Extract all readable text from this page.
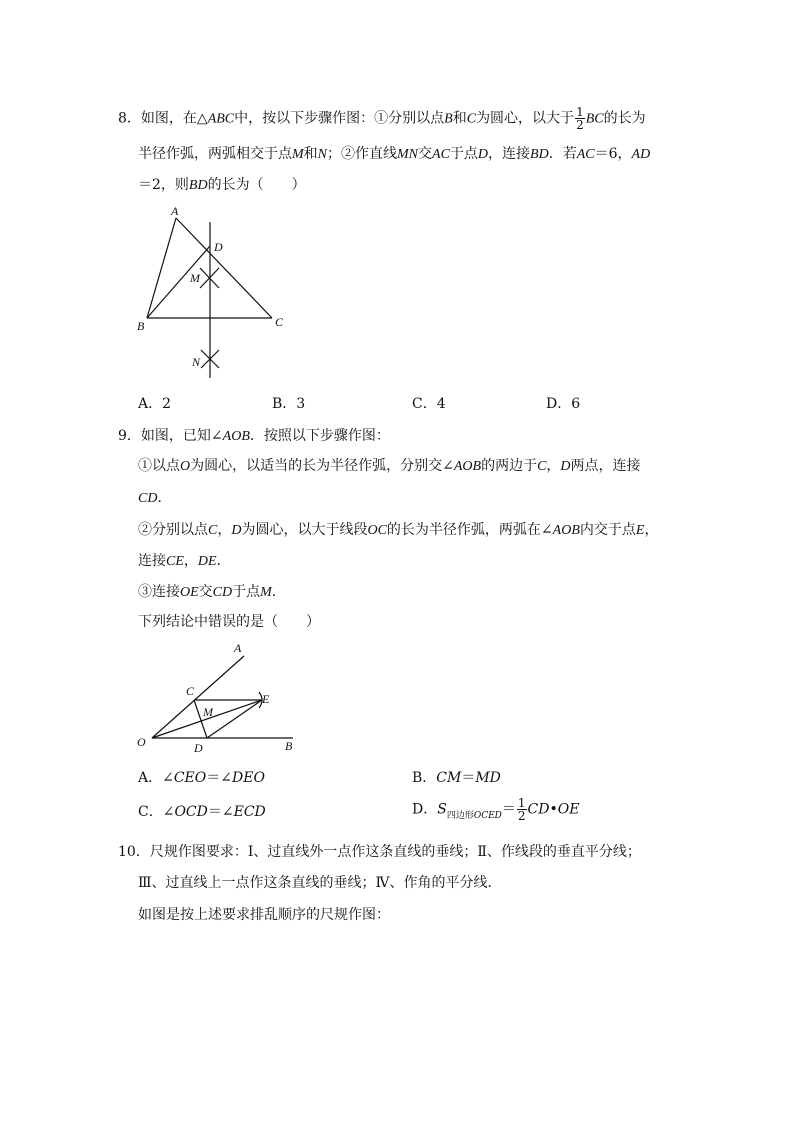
8．如图，在△ABC中，按以下步骤作图：①分别以点B和C为圆心，以大于 $\frac{1}{2}$ BC的长为
半径作弧，两弧相交于点M和N；②作直线MN交AC于点D，连接BD．若AC＝6，AD
＝2，则BD的长为（　　）
A
D
M
B	C
N
A．2	B．3	C．4	D．6
9．如图，已知∠AOB．按照以下步骤作图：
①以点O为圆心，以适当的长为半径作弧，分别交∠AOB的两边于C，D两点，连接
CD．
②分别以点C，D为圆心，以大于线段OC的长为半径作弧，两弧在∠AOB内交于点E，
连接CE，DE．
③连接OE交CD于点M．
下列结论中错误的是（　　）
A
C
E
M
O	D	B
A．∠CEO＝∠DEO	B．CM＝MD
C．∠OCD＝∠ECD	D．$S_{四边形OCED}= \frac{1}{2}$ CD•OE
10．尺规作图要求：Ⅰ、过直线外一点作这条直线的垂线；Ⅱ、作线段的垂直平分线；
Ⅲ、过直线上一点作这条直线的垂线；Ⅳ、作角的平分线．
如图是按上述要求排乱顺序的尺规作图：
